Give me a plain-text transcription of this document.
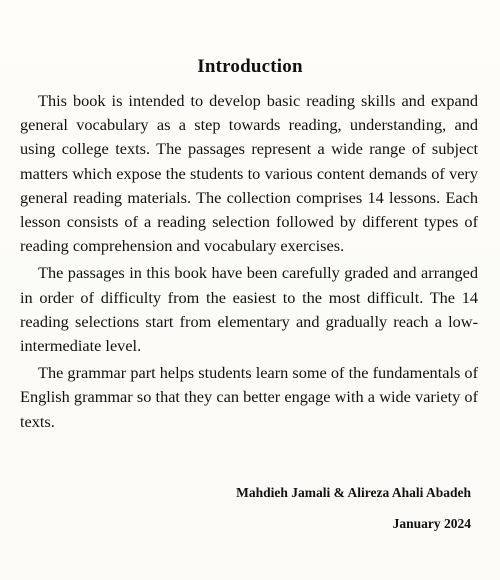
Introduction

This book is intended to develop basic reading skills and expand general vocabulary as a step towards reading, understanding, and using college texts. The passages represent a wide range of subject matters which expose the students to various content demands of very general reading materials. The collection comprises 14 lessons. Each lesson consists of a reading selection followed by different types of reading comprehension and vocabulary exercises.

The passages in this book have been carefully graded and arranged in order of difficulty from the easiest to the most difficult. The 14 reading selections start from elementary and gradually reach a low-intermediate level.

The grammar part helps students learn some of the fundamentals of English grammar so that they can better engage with a wide variety of texts.

Mahdieh Jamali & Alireza Ahali Abadeh
January 2024
